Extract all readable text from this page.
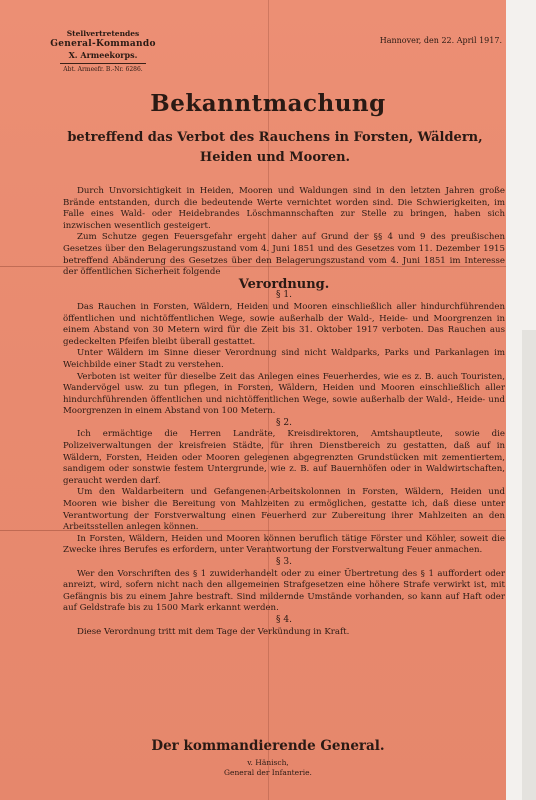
Stellvertretendes
General-Kommando
X. Armeekorps.
Abt. Armeefr. B.-Nr. 6286.
Hannover, den 22. April 1917.
Bekanntmachung
betreffend das Verbot des Rauchens in Forsten, Wäldern, Heiden und Mooren.

Durch Unvorsichtigkeit in Heiden, Mooren und Waldungen sind in den letzten Jahren große Brände entstanden, durch die bedeutende Werte vernichtet worden sind. Die Schwierigkeiten, im Falle eines Wald- oder Heidebrandes Löschmannschaften zur Stelle zu bringen, haben sich inzwischen wesentlich gesteigert.

Zum Schutze gegen Feuersgefahr ergeht daher auf Grund der §§ 4 und 9 des preußischen Gesetzes über den Belagerungszustand vom 4. Juni 1851 und des Gesetzes vom 11. Dezember 1915 betreffend Abänderung des Gesetzes über den Belagerungszustand vom 4. Juni 1851 im Interesse der öffentlichen Sicherheit folgende

Verordnung.
§ 1.

Das Rauchen in Forsten, Wäldern, Heiden und Mooren einschließlich aller hindurchführenden öffentlichen und nichtöffentlichen Wege, sowie außerhalb der Wald-, Heide- und Moorgrenzen in einem Abstand von 30 Metern wird für die Zeit bis 31. Oktober 1917 verboten. Das Rauchen aus gedeckelten Pfeifen bleibt überall gestattet.

Unter Wäldern im Sinne dieser Verordnung sind nicht Waldparks, Parks und Parkanlagen im Weichbilde einer Stadt zu verstehen.

Verboten ist weiter für dieselbe Zeit das Anlegen eines Feuerherdes, wie es z. B. auch Touristen, Wandervögel usw. zu tun pflegen, in Forsten, Wäldern, Heiden und Mooren einschließlich aller hindurchführenden öffentlichen und nichtöffentlichen Wege, sowie außerhalb der Wald-, Heide- und Moorgrenzen in einem Abstand von 100 Metern.

§ 2.

Ich ermächtige die Herren Landräte, Kreisdirektoren, Amtshauptleute, sowie die Polizeiverwaltungen der kreisfreien Städte, für ihren Dienstbereich zu gestatten, daß auf in Wäldern, Forsten, Heiden oder Mooren gelegenen abgegrenzten Grundstücken mit zementiertem, sandigem oder sonstwie festem Untergrunde, wie z. B. auf Bauernhöfen oder in Waldwirtschaften, geraucht werden darf.

Um den Waldarbeitern und Gefangenen-Arbeitskolonnen in Forsten, Wäldern, Heiden und Mooren wie bisher die Bereitung von Mahlzeiten zu ermöglichen, gestatte ich, daß diese unter Verantwortung der Forstverwaltung einen Feuerherd zur Zubereitung ihrer Mahlzeiten an den Arbeitsstellen anlegen können.

In Forsten, Wäldern, Heiden und Mooren können beruflich tätige Förster und Köhler, soweit die Zwecke ihres Berufes es erfordern, unter Verantwortung der Forstverwaltung Feuer anmachen.

§ 3.

Wer den Vorschriften des § 1 zuwiderhandelt oder zu einer Übertretung des § 1 auffordert oder anreizt, wird, sofern nicht nach den allgemeinen Strafgesetzen eine höhere Strafe verwirkt ist, mit Gefängnis bis zu einem Jahre bestraft. Sind mildernde Umstände vorhanden, so kann auf Haft oder auf Geldstrafe bis zu 1500 Mark erkannt werden.

§ 4.

Diese Verordnung tritt mit dem Tage der Verkündung in Kraft.

Der kommandierende General.
v. Hänisch,
General der Infanterie.
